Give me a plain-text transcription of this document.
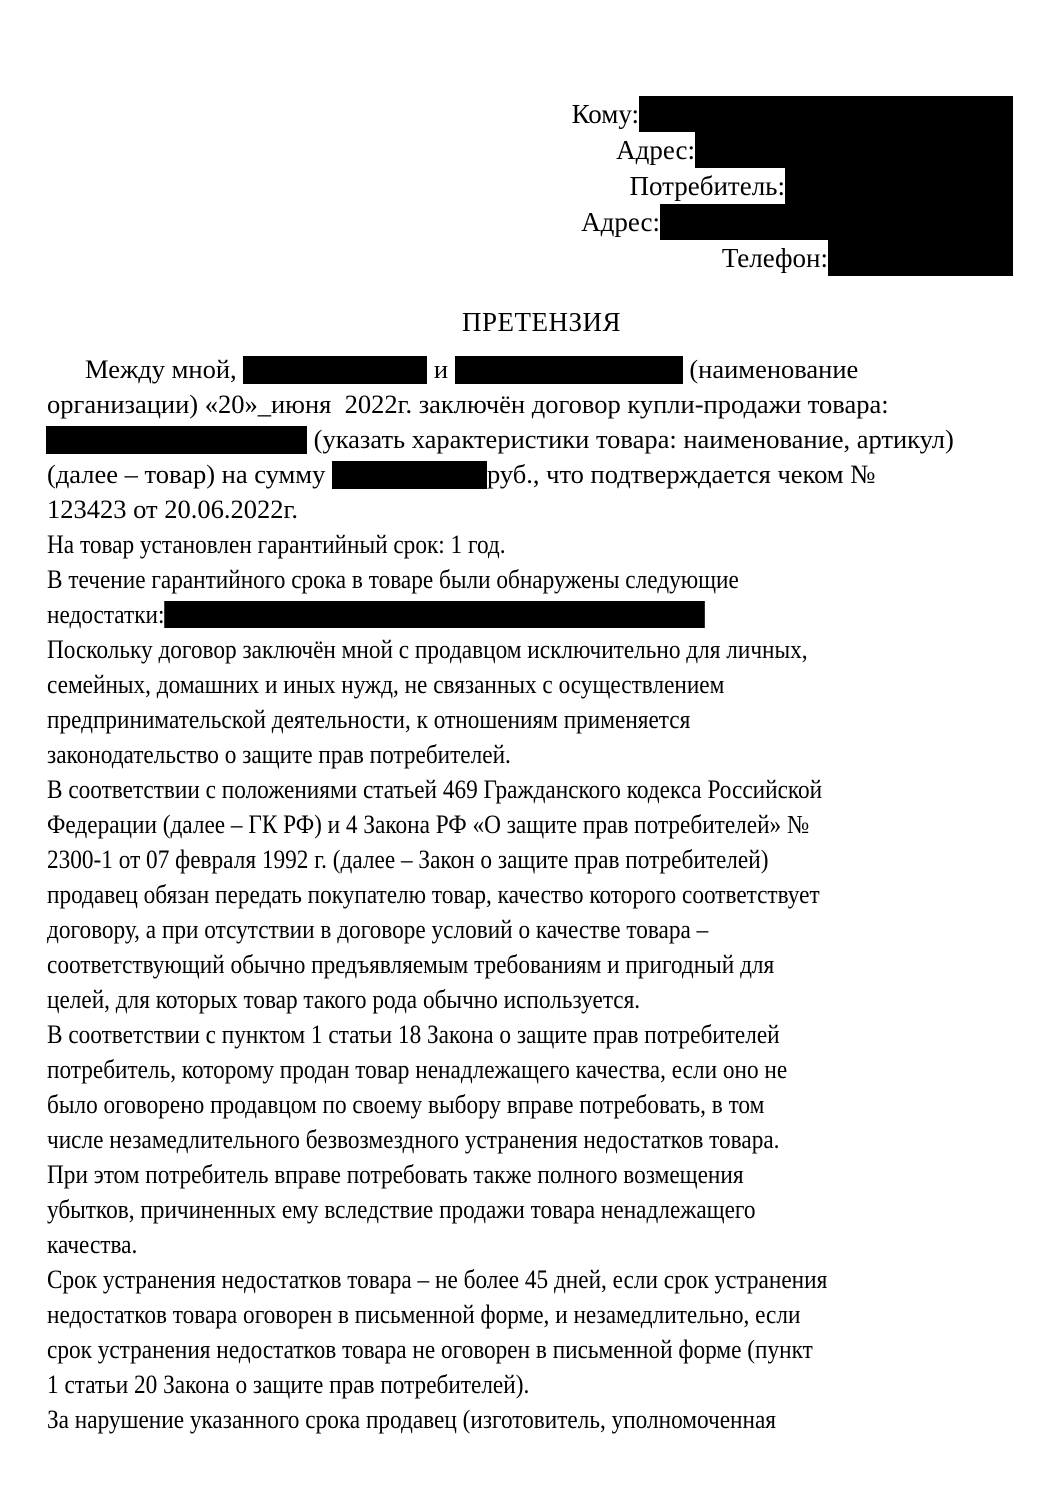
Кому:
Адрес:
Потребитель:
Адрес:
Телефон:
ПРЕТЕНЗИЯ
Между мной,

	и

	(наименование
организации) «20»_июня  2022г. заключён договор купли-продажи товара:

(указать характеристики товара: наименование, артикул)
(далее – товар) на сумму
	руб., что подтверждается чеком №
123423 от 20.06.2022г.
На товар установлен гарантийный срок: 1 год.
В течение гарантийного срока в товаре были обнаружены следующие
недостатки:
Поскольку договор заключён мной с продавцом исключительно для личных,
семейных, домашних и иных нужд, не связанных с осуществлением
предпринимательской деятельности, к отношениям применяется
законодательство о защите прав потребителей.
В соответствии с положениями статьей 469 Гражданского кодекса Российской
Федерации (далее – ГК РФ) и 4 Закона РФ «О защите прав потребителей» №
2300-1 от 07 февраля 1992 г. (далее – Закон о защите прав потребителей)
продавец обязан передать покупателю товар, качество которого соответствует
договору, а при отсутствии в договоре условий о качестве товара –
соответствующий обычно предъявляемым требованиям и пригодный для
целей, для которых товар такого рода обычно используется.
В соответствии с пунктом 1 статьи 18 Закона о защите прав потребителей
потребитель, которому продан товар ненадлежащего качества, если оно не
было оговорено продавцом по своему выбору вправе потребовать, в том
числе незамедлительного безвозмездного устранения недостатков товара.
При этом потребитель вправе потребовать также полного возмещения
убытков, причиненных ему вследствие продажи товара ненадлежащего
качества.
Срок устранения недостатков товара – не более 45 дней, если срок устранения
недостатков товара оговорен в письменной форме, и незамедлительно, если
срок устранения недостатков товара не оговорен в письменной форме (пункт
1 статьи 20 Закона о защите прав потребителей).
За нарушение указанного срока продавец (изготовитель, уполномоченная
